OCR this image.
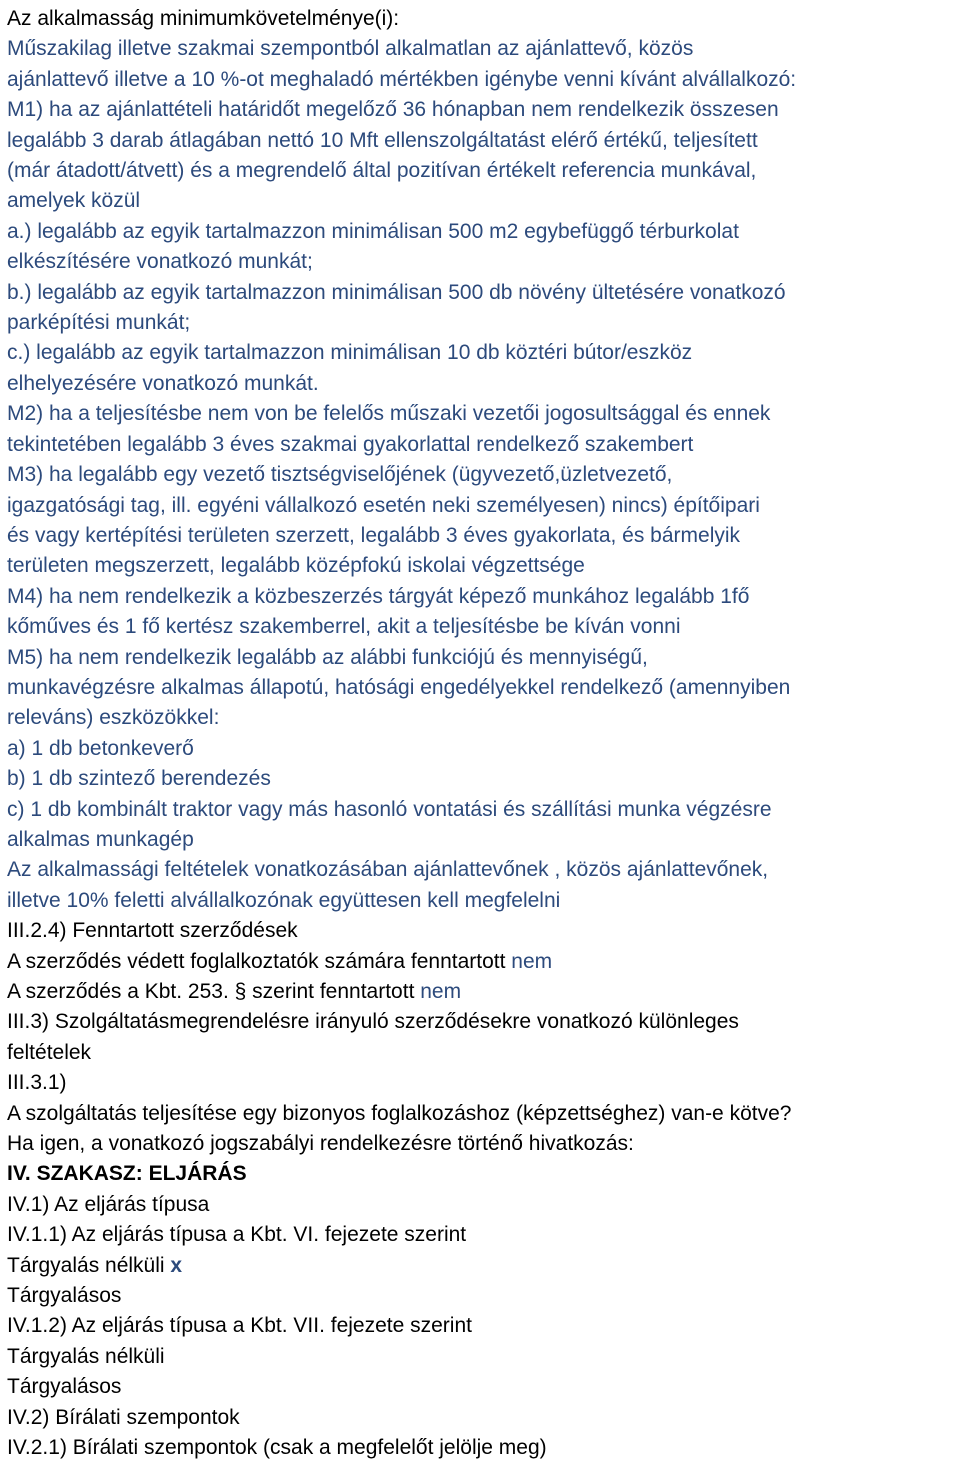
Az alkalmasság minimumkövetelménye(i):

Műszakilag illetve szakmai szempontból alkalmatlan az ajánlattevő, közös

ajánlattevő illetve a 10 %-ot meghaladó mértékben igénybe venni kívánt alvállalkozó:

M1) ha az ajánlattételi határidőt megelőző 36 hónapban nem rendelkezik összesen

legalább 3 darab átlagában nettó 10 Mft ellenszolgáltatást elérő értékű, teljesített

(már átadott/átvett) és a megrendelő által pozitívan értékelt referencia munkával,

amelyek közül

a.) legalább az egyik tartalmazzon minimálisan 500 m2 egybefüggő térburkolat

elkészítésére vonatkozó munkát;

b.) legalább az egyik tartalmazzon minimálisan 500 db növény ültetésére vonatkozó

parképítési munkát;

c.) legalább az egyik tartalmazzon minimálisan 10 db köztéri bútor/eszköz

elhelyezésére vonatkozó munkát.

M2) ha a teljesítésbe nem von be felelős műszaki vezetői jogosultsággal és ennek

tekintetében legalább 3 éves szakmai gyakorlattal rendelkező szakembert

M3) ha legalább egy vezető tisztségviselőjének (ügyvezető,üzletvezető,

igazgatósági tag, ill. egyéni vállalkozó esetén neki személyesen) nincs) építőipari

és vagy kertépítési területen szerzett, legalább 3 éves gyakorlata, és bármelyik

területen megszerzett, legalább középfokú iskolai végzettsége

M4) ha nem rendelkezik a közbeszerzés tárgyát képező munkához legalább 1fő

kőműves és 1 fő kertész szakemberrel, akit a teljesítésbe be kíván vonni

M5) ha nem rendelkezik legalább az alábbi funkciójú és mennyiségű,

munkavégzésre alkalmas állapotú, hatósági engedélyekkel rendelkező (amennyiben

releváns) eszközökkel:

a) 1 db betonkeverő

b) 1 db szintező berendezés

c) 1 db kombinált traktor vagy más hasonló vontatási és szállítási munka végzésre

alkalmas munkagép

Az alkalmassági feltételek vonatkozásában ajánlattevőnek , közös ajánlattevőnek,

illetve 10% feletti alvállalkozónak együttesen kell megfelelni

III.2.4) Fenntartott szerződések

A szerződés védett foglalkoztatók számára fenntartott nem

A szerződés a Kbt. 253. § szerint fenntartott nem

III.3) Szolgáltatásmegrendelésre irányuló szerződésekre vonatkozó különleges

feltételek

III.3.1)

A szolgáltatás teljesítése egy bizonyos foglalkozáshoz (képzettséghez) van-e kötve?

Ha igen, a vonatkozó jogszabályi rendelkezésre történő hivatkozás:

IV. SZAKASZ: ELJÁRÁS

IV.1) Az eljárás típusa

IV.1.1) Az eljárás típusa a Kbt. VI. fejezete szerint

Tárgyalás nélküli x

Tárgyalásos

IV.1.2) Az eljárás típusa a Kbt. VII. fejezete szerint

Tárgyalás nélküli

Tárgyalásos

IV.2) Bírálati szempontok

IV.2.1) Bírálati szempontok (csak a megfelelőt jelölje meg)
